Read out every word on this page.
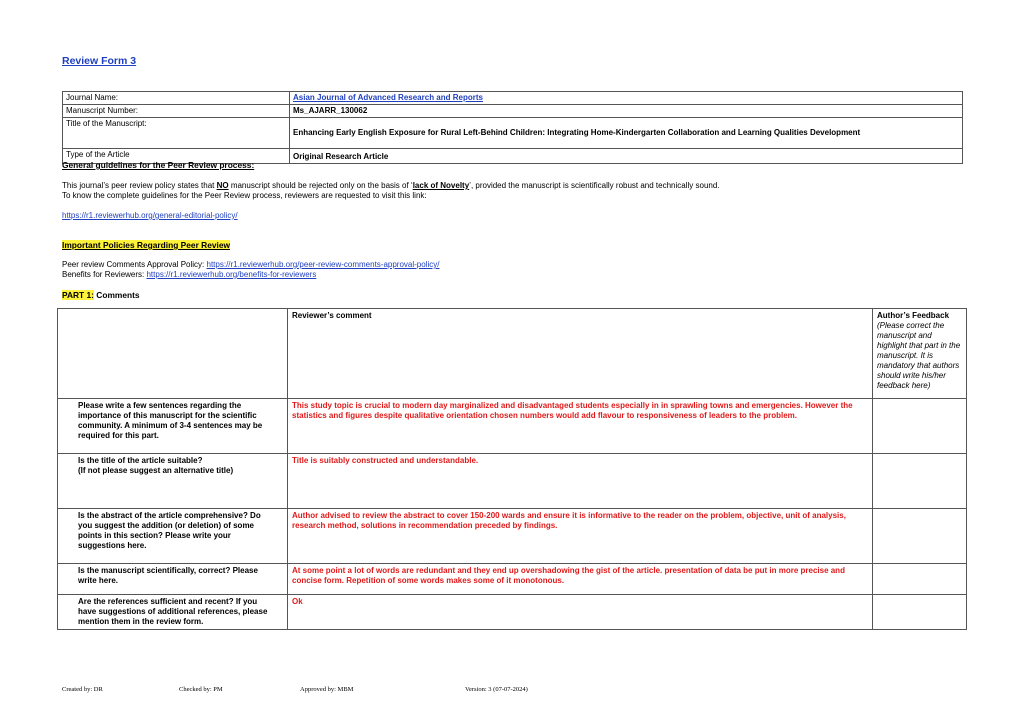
Review Form 3
Journal Name:	Asian Journal of Advanced Research and Reports
Manuscript Number:	Ms_AJARR_130062
Title of the Manuscript:	Enhancing Early English Exposure for Rural Left-Behind Children: Integrating Home-Kindergarten Collaboration and Learning Qualities Development
Type of the Article	Original Research Article
General guidelines for the Peer Review process:
This journal’s peer review policy states that NO manuscript should be rejected only on the basis of ‘lack of Novelty’, provided the manuscript is scientifically robust and technically sound.
To know the complete guidelines for the Peer Review process, reviewers are requested to visit this link:
https://r1.reviewerhub.org/general-editorial-policy/
Important Policies Regarding Peer Review
Peer review Comments Approval Policy: https://r1.reviewerhub.org/peer-review-comments-approval-policy/
Benefits for Reviewers: https://r1.reviewerhub.org/benefits-for-reviewers
PART 1: Comments
	Reviewer’s comment	Author’s Feedback
(Please correct the manuscript and highlight that part in the manuscript. It is mandatory that authors should write his/her feedback here)

Please write a few sentences regarding the importance of this manuscript for the scientific community. A minimum of 3-4 sentences may be required for this part.	This study topic is crucial to modern day marginalized and disadvantaged students especially in in sprawling towns and emergencies. However the statistics and figures despite qualitative orientation chosen numbers would add flavour to responsiveness of leaders to the problem.	

Is the title of the article suitable?
(If not please suggest an alternative title)	Title is suitably constructed and understandable.	
Is the abstract of the article comprehensive? Do you suggest the addition (or deletion) of some points in this section? Please write your suggestions here.	Author advised to review the abstract to cover 150-200 wards and ensure it is informative to the reader on the problem, objective, unit of analysis, research method, solutions in recommendation preceded by findings.	
Is the manuscript scientifically, correct? Please write here.	At some point a lot of words are redundant and they end up overshadowing the gist of the article. presentation of data be put in more precise and concise form. Repetition of some words makes some of it monotonous.	
Are the references sufficient and recent? If you have suggestions of additional references, please mention them in the review form.	Ok	
Created by: DR	Checked by: PM	Approved by: MBM	Version: 3 (07-07-2024)
